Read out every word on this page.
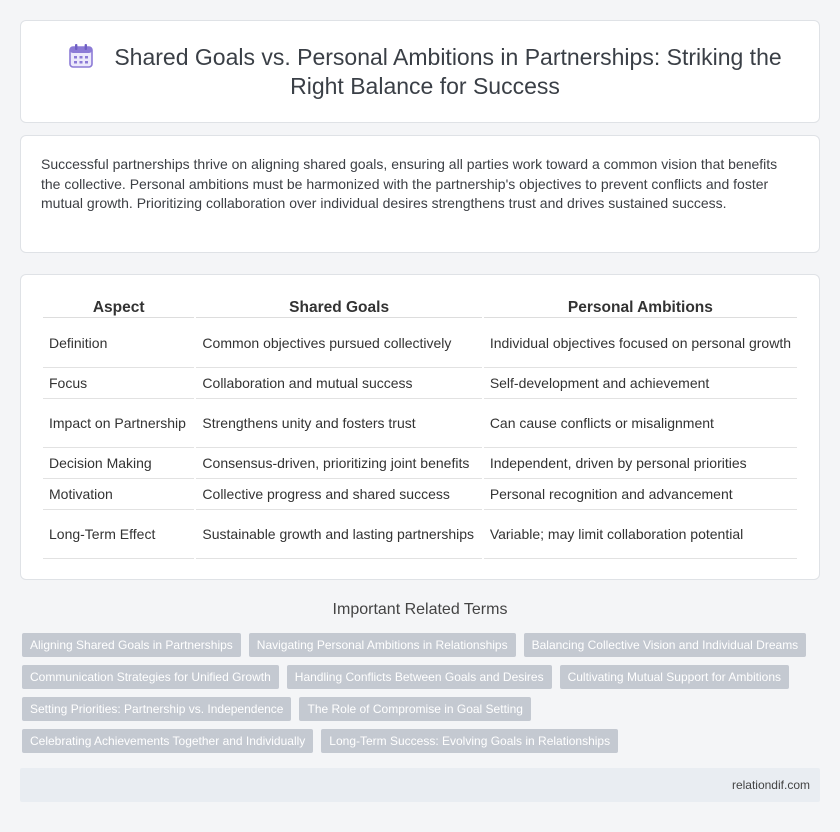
Shared Goals vs. Personal Ambitions in Partnerships: Striking the Right Balance for Success

Successful partnerships thrive on aligning shared goals, ensuring all parties work toward a common vision that benefits the collective. Personal ambitions must be harmonized with the partnership's objectives to prevent conflicts and foster mutual growth. Prioritizing collaboration over individual desires strengthens trust and drives sustained success.

Aspect	Shared Goals	Personal Ambitions
Definition	Common objectives pursued collectively	Individual objectives focused on personal growth
Focus	Collaboration and mutual success	Self-development and achievement
Impact on Partnership	Strengthens unity and fosters trust	Can cause conflicts or misalignment
Decision Making	Consensus-driven, prioritizing joint benefits	Independent, driven by personal priorities
Motivation	Collective progress and shared success	Personal recognition and advancement
Long-Term Effect	Sustainable growth and lasting partnerships	Variable; may limit collaboration potential
Important Related Terms
Aligning Shared Goals in Partnerships	Navigating Personal Ambitions in Relationships	Balancing Collective Vision and Individual Dreams
Communication Strategies for Unified Growth	Handling Conflicts Between Goals and Desires	Cultivating Mutual Support for Ambitions
Setting Priorities: Partnership vs. Independence	The Role of Compromise in Goal Setting
Celebrating Achievements Together and Individually	Long-Term Success: Evolving Goals in Relationships
relationdif.com
